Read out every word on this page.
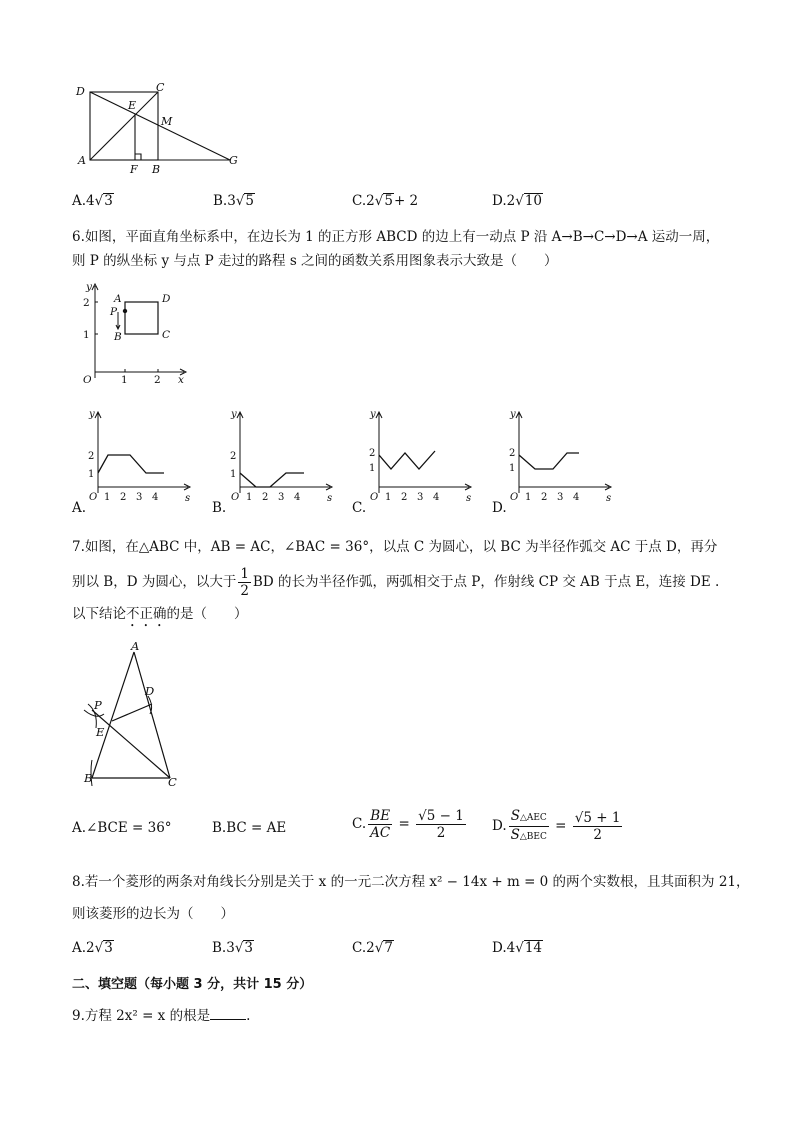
D	C
E
M
A
F B
G
A.4√3	B.3√5	C.2√5+ 2	D.2√10
6.如图，平面直角坐标系中，在边长为 1 的正方形 ABCD 的边上有一动点 P 沿 A→B→C→D→A 运动一周，
则 P 的纵坐标 y 与点 P 走过的路程 s 之间的函数关系用图象表示大致是（　　）
y
x
O	1	2
1
2 A
P
B
D
C
y
s
O
1
2
1 2 3 4
A.
y
s
O
1
2
1 2 3 4
B.
y
s
O
1
2
1 2 3 4
C.
y
s
O
1
2
1 2 3 4
D.
7.如图，在△ABC 中，AB = AC，∠BAC = 36°，以点 C 为圆心，以 BC 为半径作弧交 AC 于点 D，再分
别以 B，D 为圆心，以大于 $\frac{1}{2}$ BD 的长为半径作弧，两弧相交于点 P，作射线 CP 交 AB 于点 E，连接 DE .
以下结论不正确的是（　　）
A
D
P
E
B	C
A.∠BCE = 36°	B.BC = AE	C. $\frac{BE}{AC} = \frac{√5 - 1}{2} D$. $\frac{\text{S△AEC}}{\text{S△BEC}} = \frac{√5 + 1}{2}$
8.若一个菱形的两条对角线长分别是关于 x 的一元二次方程 x² − 14x + m = 0 的两个实数根，且其面积为 21，
则该菱形的边长为（　　）
A.2√3	B.3√3	C.2√7	D.4√14
二、填空题（每小题 3 分，共计 15 分）
9.方程 2x² = x 的根是	.
